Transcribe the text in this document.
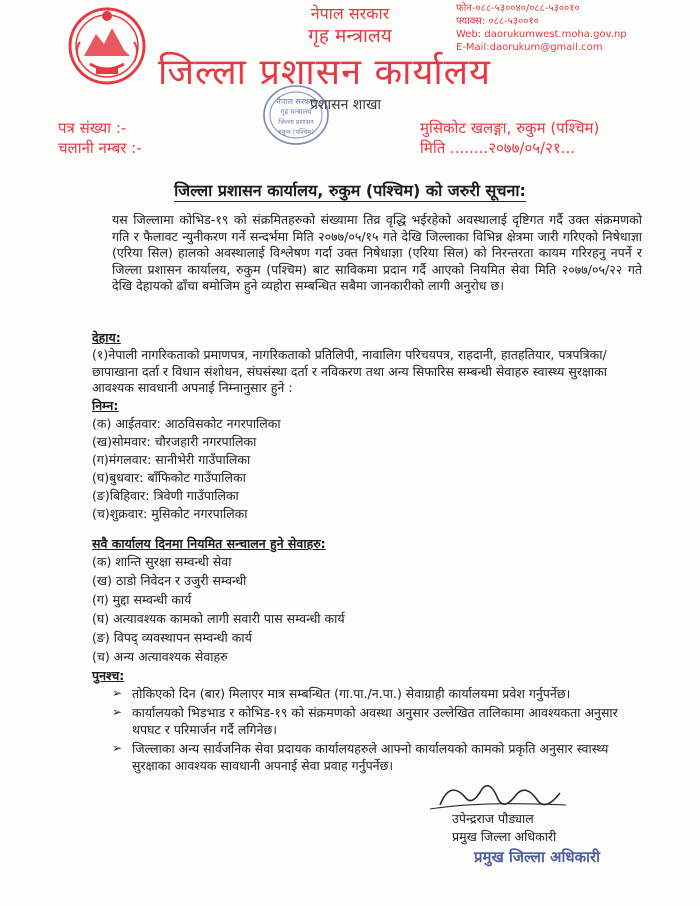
नेपाल सरकार
गृह मन्त्रालय
जिल्ला प्रशासन कार्यालय
फोन-०८८-५३००४०/०८८-५३००१०
फ्याक्स: ०८८-५३००१०
Web: daorukumwest.moha.gov.np
E-Mail:daorukum@gmail.com
नेपाल सरकार
गृह मन्त्रालय
जिल्ला प्रशासन
रुकुम (पश्चिम)
प्रशासन शाखा
पत्र संख्या :-
चलानी नम्बर :-
मुसिकोट खलङ्गा, रुकुम (पश्चिम)
मिति ........२०७७/०५/२१...
जिल्ला प्रशासन कार्यालय, रुकुम (पश्चिम) को जरुरी सूचना:
यस जिल्लामा कोभिड-१९ को संक्रमितहरुको संख्यामा तिव्र वृद्धि भईरहेको अवस्थालाई दृष्टिगत गर्दै उक्त संक्रमणको गति र फैलावट न्युनीकरण गर्ने सन्दर्भमा मिति २०७७/०५/१५ गते देखि जिल्लाका विभिन्न क्षेत्रमा जारी गरिएको निषेधाज्ञा (एरिया सिल) हालको अवस्थालाई विश्लेषण गर्दा उक्त निषेधाज्ञा (एरिया सिल) को निरन्तरता कायम गरिरहनु नपर्ने र जिल्ला प्रशासन कार्यालय, रुकुम (पश्चिम) बाट साविकमा प्रदान गर्दै आएको नियमित सेवा मिति २०७७/०५/२२ गते देखि देहायको ढाँचा बमोजिम हुने व्यहोरा सम्बन्धित सबैमा जानकारीको लागी अनुरोध छ।
देहाय:
(१)नेपाली नागरिकताको प्रमाणपत्र, नागरिकताको प्रतिलिपी, नावालिग परिचयपत्र, राहदानी, हातहतियार, पत्रपत्रिका/छापाखाना दर्ता र विधान संशोधन, संघसंस्था दर्ता र नविकरण तथा अन्य सिफारिस सम्बन्धी सेवाहरु स्वास्थ्य सुरक्षाका आवश्यक सावधानी अपनाई निम्नानुसार हुने :
निम्न:
(क) आईतवार: आठविसकोट नगरपालिका
(ख)सोमवार: चौरजहारी नगरपालिका
(ग)मंगलवार: सानीभेरी गाउँपालिका
(घ)बुधवार: बाँफिकोट गाउँपालिका
(ङ)बिहिवार: त्रिवेणी गाउँपालिका
(च)शुक्रवार: मुसिकोट नगरपालिका
सवै कार्यालय दिनमा नियमित सन्चालन हुने सेवाहरु:
(क) शान्ति सुरक्षा सम्वन्धी सेवा
(ख) ठाडो निवेदन र उजुरी सम्वन्धी
(ग) मुद्दा सम्वन्धी कार्य
(घ) अत्यावश्यक कामको लागी सवारी पास सम्वन्धी कार्य
(ङ) विपद् व्यवस्थापन सम्वन्धी कार्य
(च) अन्य अत्यावश्यक सेवाहरु
पुनश्च:
➢ तोकिएको दिन (बार) मिलाएर मात्र सम्बन्धित (गा.पा./न.पा.) सेवाग्राही कार्यालयमा प्रवेश गर्नुपर्नेछ।
➢ कार्यालयको भिडभाड र कोभिड-१९ को संक्रमणको अवस्था अनुसार उल्लेखित तालिकामा आवश्यकता अनुसार थपघट र परिमार्जन गर्दै लगिनेछ।
➢ जिल्लाका अन्य सार्वजनिक सेवा प्रदायक कार्यालयहरुले आफ्नो कार्यालयको कामको प्रकृति अनुसार स्वास्थ्य सुरक्षाका आवश्यक सावधानी अपनाई सेवा प्रवाह गर्नुपर्नेछ।
उपेन्द्रराज पौड्याल
प्रमुख जिल्ला अधिकारी
प्रमुख जिल्ला अधिकारी
